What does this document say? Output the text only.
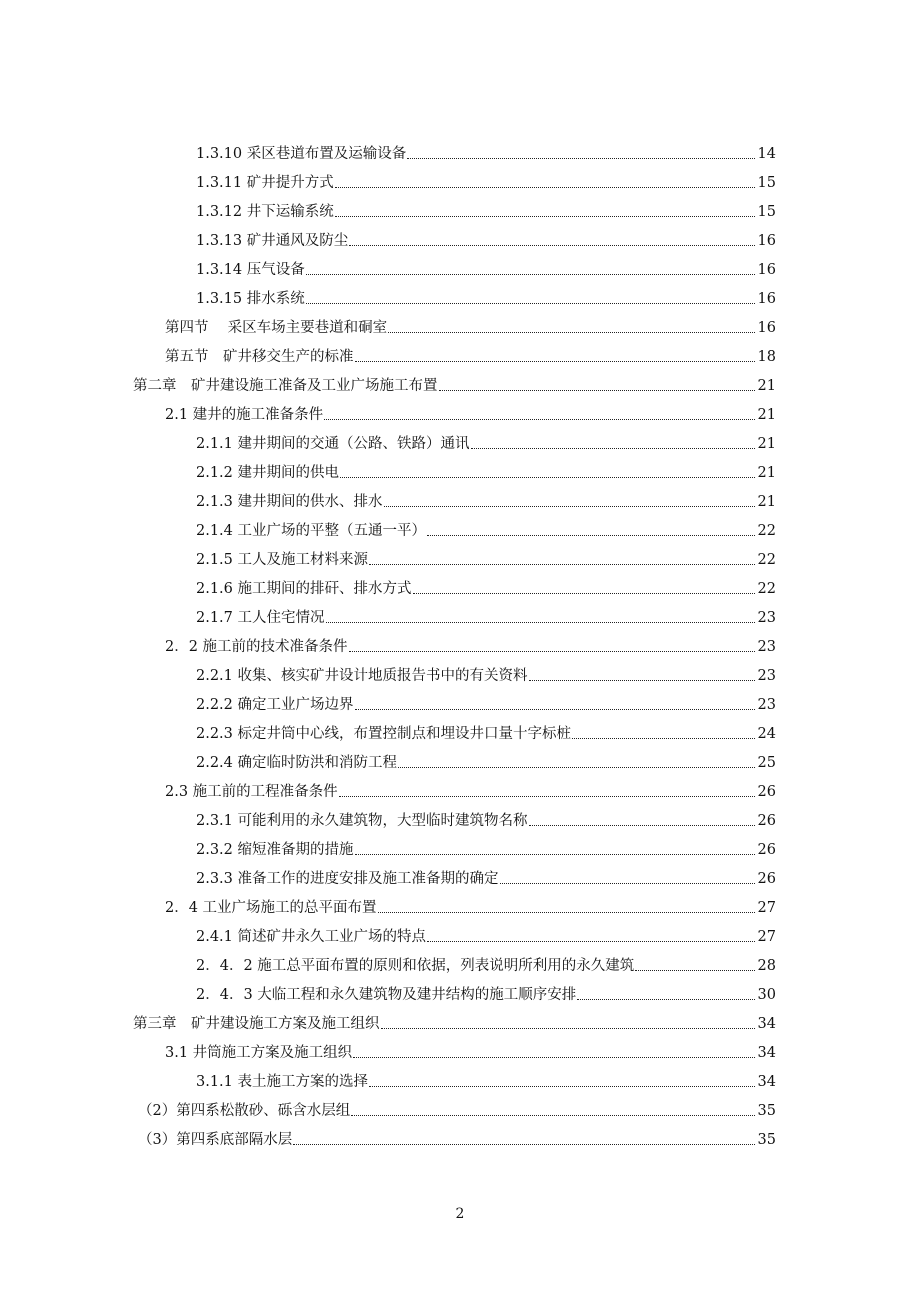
1.3.10 采区巷道布置及运输设备	14
1.3.11 矿井提升方式	15
1.3.12 井下运输系统	15
1.3.13 矿井通风及防尘	16
1.3.14 压气设备	16
1.3.15 排水系统	16
第四节　 采区车场主要巷道和硐室	16
第五节　矿井移交生产的标准	18
第二章　矿井建设施工准备及工业广场施工布置	21
2.1 建井的施工准备条件	21
2.1.1 建井期间的交通（公路、铁路）通讯	21
2.1.2 建井期间的供电	21
2.1.3 建井期间的供水、排水	21
2.1.4 工业广场的平整（五通一平）	22
2.1.5 工人及施工材料来源	22
2.1.6 施工期间的排矸、排水方式	22
2.1.7 工人住宅情况	23
2．2 施工前的技术准备条件	23
2.2.1 收集、核实矿井设计地质报告书中的有关资料	23
2.2.2 确定工业广场边界	23
2.2.3 标定井筒中心线，布置控制点和埋设井口量十字标桩	24
2.2.4 确定临时防洪和消防工程	25
2.3 施工前的工程准备条件	26
2.3.1 可能利用的永久建筑物，大型临时建筑物名称	26
2.3.2 缩短准备期的措施	26
2.3.3 准备工作的进度安排及施工准备期的确定	26
2．4 工业广场施工的总平面布置	27
2.4.1 简述矿井永久工业广场的特点	27
2．4．2 施工总平面布置的原则和依据，列表说明所利用的永久建筑	28
2．4．3 大临工程和永久建筑物及建井结构的施工顺序安排	30
第三章　矿井建设施工方案及施工组织	34
3.1 井筒施工方案及施工组织	34
3.1.1 表土施工方案的选择	34
（2）第四系松散砂、砾含水层组	35
（3）第四系底部隔水层	35
2
